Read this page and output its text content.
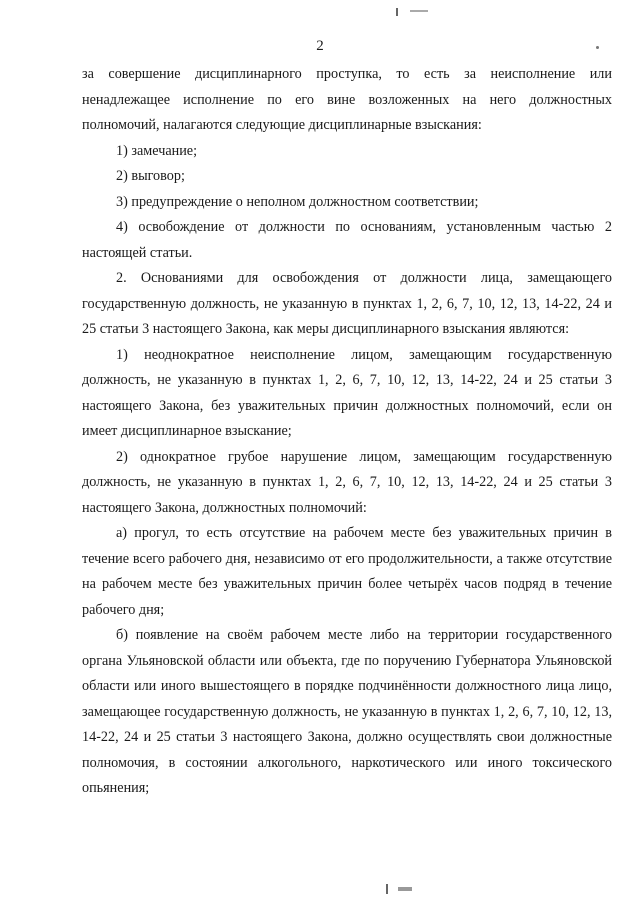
2

за совершение дисциплинарного проступка, то есть за неисполнение или ненадлежащее исполнение по его вине возложенных на него должностных полномочий, налагаются следующие дисциплинарные взыскания:

1) замечание;

2) выговор;

3) предупреждение о неполном должностном соответствии;

4) освобождение от должности по основаниям, установленным частью 2 настоящей статьи.

2. Основаниями для освобождения от должности лица, замещающего государственную должность, не указанную в пунктах 1, 2, 6, 7, 10, 12, 13, 14-22, 24 и 25 статьи 3 настоящего Закона, как меры дисциплинарного взыскания являются:

1) неоднократное неисполнение лицом, замещающим государственную должность, не указанную в пунктах 1, 2, 6, 7, 10, 12, 13, 14-22, 24 и 25 статьи 3 настоящего Закона, без уважительных причин должностных полномочий, если он имеет дисциплинарное взыскание;

2) однократное грубое нарушение лицом, замещающим государственную должность, не указанную в пунктах 1, 2, 6, 7, 10, 12, 13, 14-22, 24 и 25 статьи 3 настоящего Закона, должностных полномочий:

а) прогул, то есть отсутствие на рабочем месте без уважительных причин в течение всего рабочего дня, независимо от его продолжительности, а также отсутствие на рабочем месте без уважительных причин более четырёх часов подряд в течение рабочего дня;

б) появление на своём рабочем месте либо на территории государственного органа Ульяновской области или объекта, где по поручению Губернатора Ульяновской области или иного вышестоящего в порядке подчинённости должностного лица лицо, замещающее государственную должность, не указанную в пунктах 1, 2, 6, 7, 10, 12, 13, 14-22, 24 и 25 статьи 3 настоящего Закона, должно осуществлять свои должностные полномочия, в состоянии алкогольного, наркотического или иного токсического опьянения;
